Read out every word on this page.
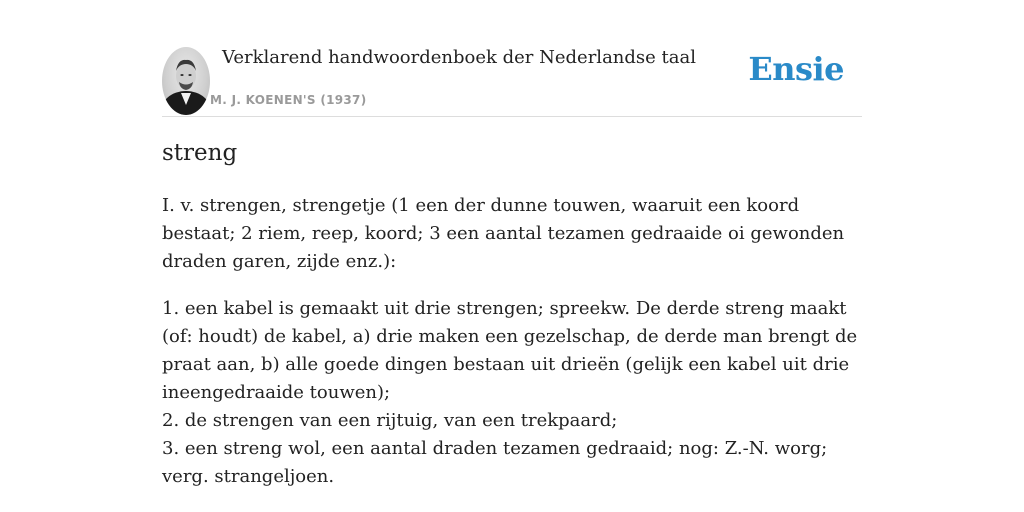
Verklarend handwoordenboek der Nederlandse taal
M. J. KOENEN'S (1937)
Ensie
streng

I. v. strengen, strengetje (1 een der dunne touwen, waaruit een koord bestaat; 2 riem, reep, koord; 3 een aantal tezamen gedraaide oi gewonden draden garen, zijde enz.):

1. een kabel is gemaakt uit drie strengen; spreekw. De derde streng maakt (of: houdt) de kabel, a) drie maken een gezelschap, de derde man brengt de praat aan, b) alle goede dingen bestaan uit drieën (gelijk een kabel uit drie ineengedraaide touwen);
2. de strengen van een rijtuig, van een trekpaard;
3. een streng wol, een aantal draden tezamen gedraaid; nog: Z.-N. worg; verg. strangeljoen.
